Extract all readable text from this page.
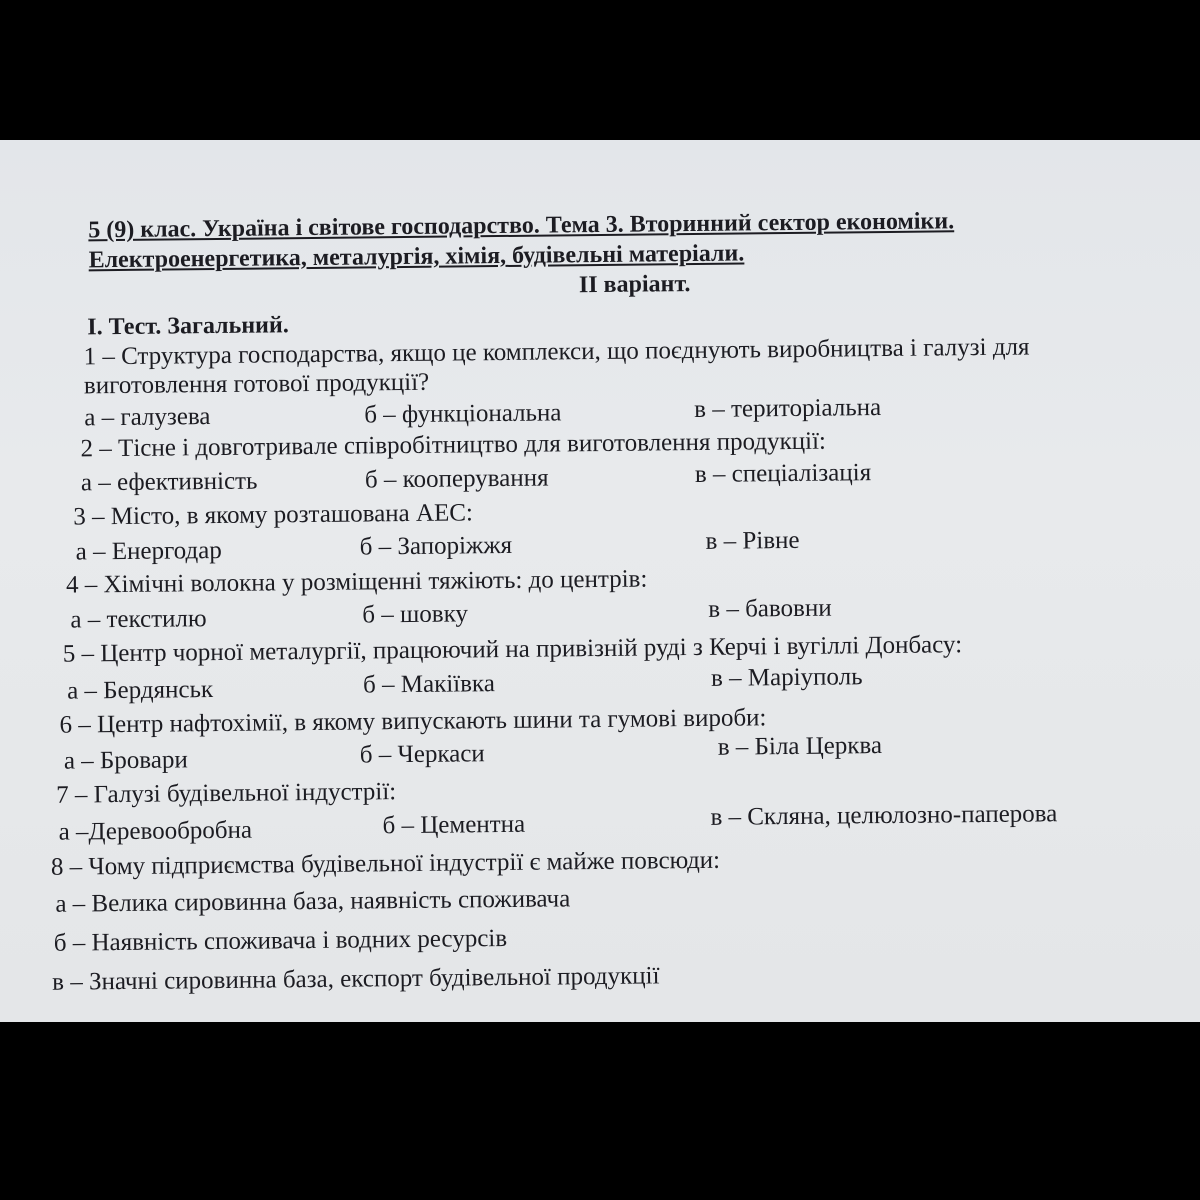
5 (9) клас. Україна і світове господарство. Тема 3. Вторинний сектор економіки.
Електроенергетика, металургія, хімія, будівельні матеріали.
ІІ варіант.
І. Тест. Загальний.
1 – Структура господарства, якщо це комплекси, що поєднують виробництва і галузі для
виготовлення готової продукції?
а – галузева	б – функціональна	в – територіальна
2 – Тісне і довготривале співробітництво для виготовлення продукції:
а – ефективність	б – кооперування	в – спеціалізація
3 – Місто, в якому розташована АЕС:
а – Енергодар	б – Запоріжжя	в – Рівне
4 – Хімічні волокна у розміщенні тяжіють: до центрів:
а – текстилю	б – шовку	в – бавовни
5 – Центр чорної металургії, працюючий на привізній руді з Керчі і вугіллі Донбасу:
а – Бердянськ	б – Макіївка	в – Маріуполь
6 – Центр нафтохімії, в якому випускають шини та гумові вироби:
а – Бровари	б – Черкаси	в – Біла Церква
7 – Галузі будівельної індустрії:
а –Деревообробна	б – Цементна	в – Скляна, целюлозно-паперова
8 – Чому підприємства будівельної індустрії є майже повсюди:
а – Велика сировинна база, наявність споживача
б – Наявність споживача і водних ресурсів
в – Значні сировинна база, експорт будівельної продукції
